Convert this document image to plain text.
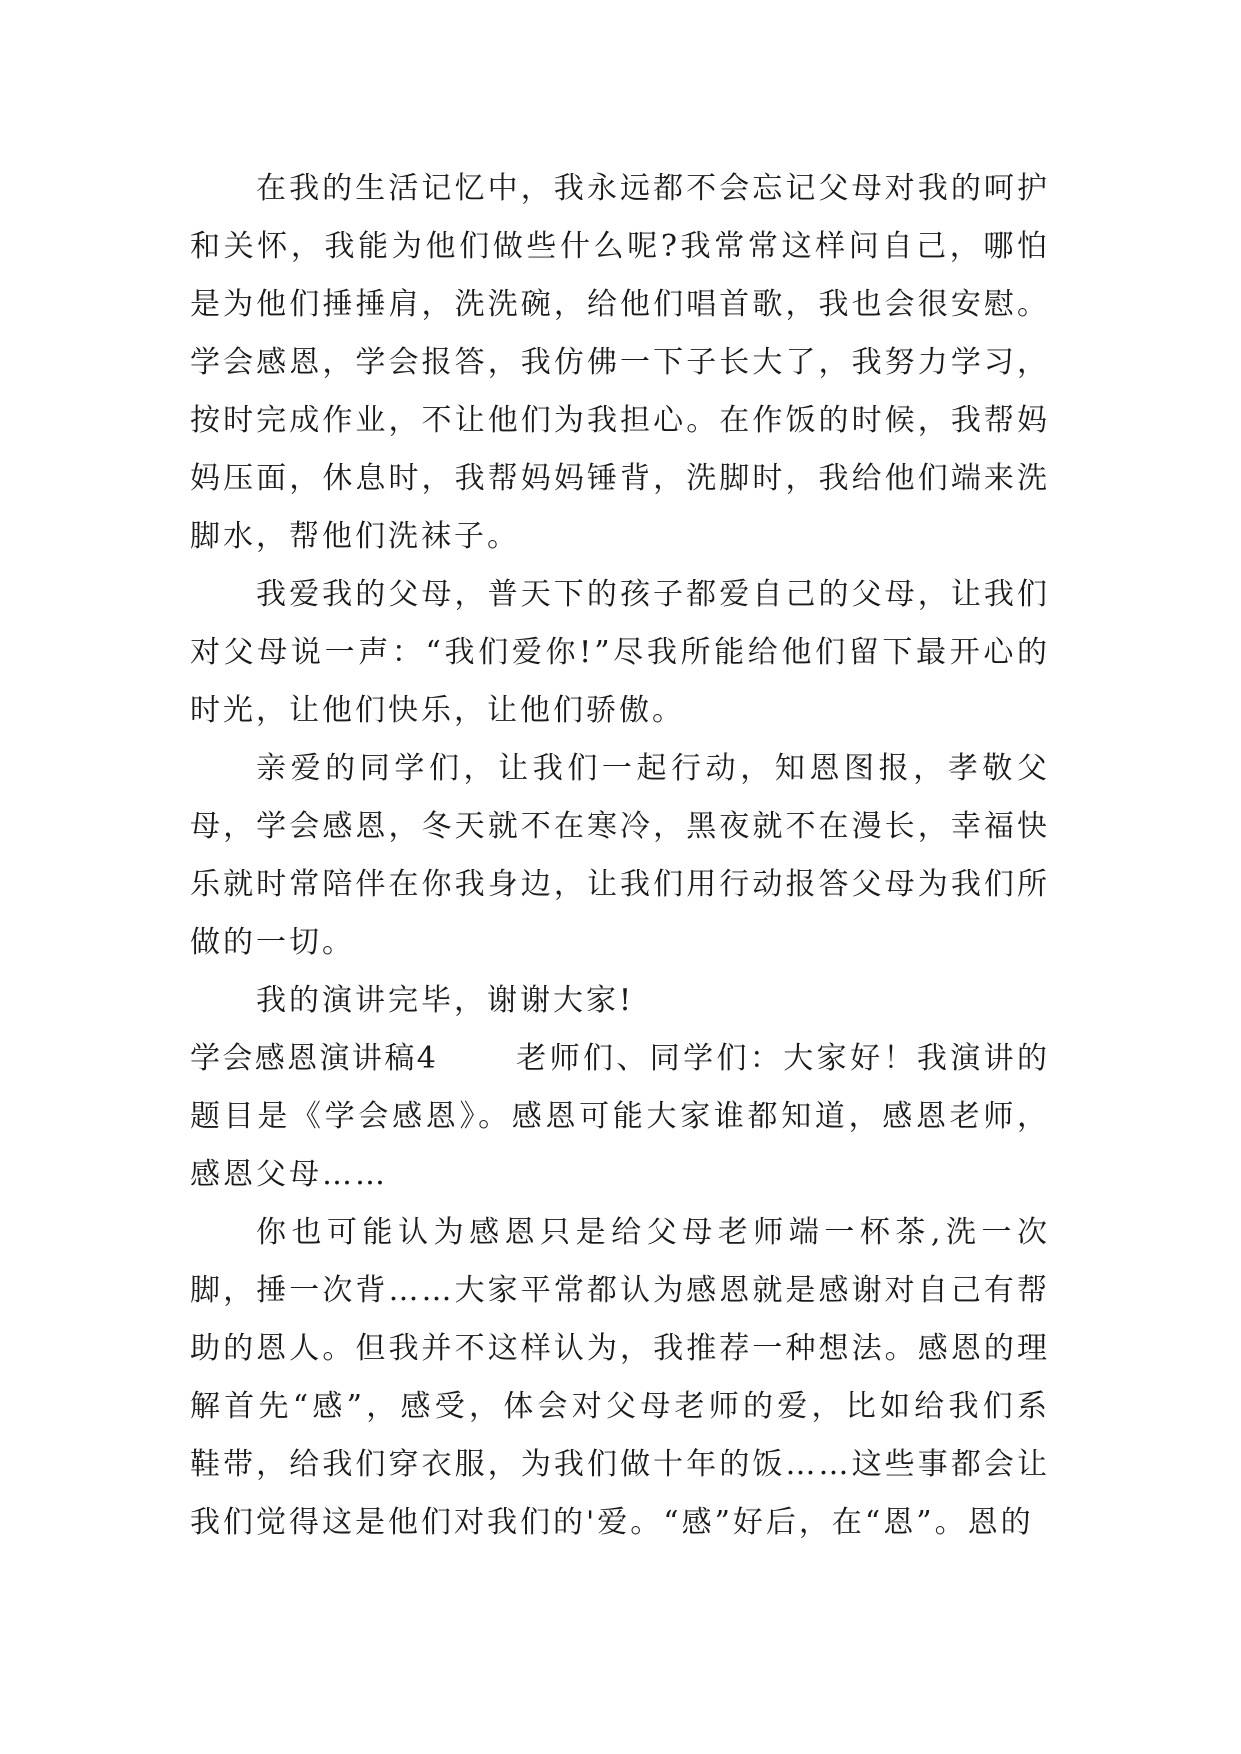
在我的生活记忆中，我永远都不会忘记父母对我的呵护和关怀，我能为他们做些什么呢?我常常这样问自己，哪怕是为他们捶捶肩，洗洗碗，给他们唱首歌，我也会很安慰。学会感恩，学会报答，我仿佛一下子长大了，我努力学习，按时完成作业，不让他们为我担心。在作饭的时候，我帮妈妈压面，休息时，我帮妈妈锤背，洗脚时，我给他们端来洗脚水，帮他们洗袜子。

我爱我的父母，普天下的孩子都爱自己的父母，让我们对父母说一声：“我们爱你!”尽我所能给他们留下最开心的时光，让他们快乐，让他们骄傲。

亲爱的同学们，让我们一起行动，知恩图报，孝敬父母，学会感恩，冬天就不在寒冷，黑夜就不在漫长，幸福快乐就时常陪伴在你我身边，让我们用行动报答父母为我们所做的一切。

我的演讲完毕，谢谢大家!

学会感恩演讲稿4	老师们、同学们：大家好！我演讲的题目是《学会感恩》。感恩可能大家谁都知道，感恩老师，感恩父母……

你也可能认为感恩只是给父母老师端一杯茶,洗一次脚，捶一次背……大家平常都认为感恩就是感谢对自己有帮助的恩人。但我并不这样认为，我推荐一种想法。感恩的理解首先“感”，感受，体会对父母老师的爱，比如给我们系鞋带，给我们穿衣服，为我们做十年的饭……这些事都会让我们觉得这是他们对我们的'爱。“感”好后，在“恩”。恩的
